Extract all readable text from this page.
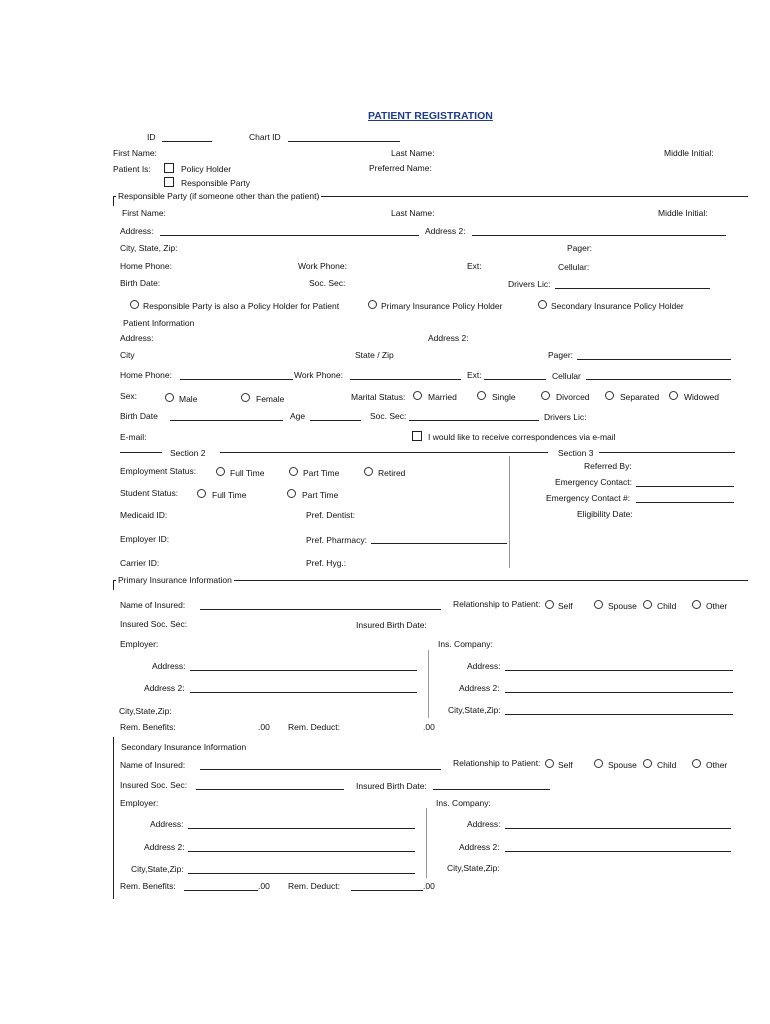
PATIENT REGISTRATION
ID	Chart ID
First Name:	Last Name:	Middle Initial:
Patient Is:	Policy Holder
Responsible Party
Preferred Name:
Responsible Party (if someone other than the patient)
First Name:	Last Name:	Middle Initial:
Address:	Address 2:
City, State, Zip:	Pager:
Home Phone:	Work Phone:	Ext:	Cellular:
Birth Date:	Soc. Sec:	Drivers Lic:
Responsible Party is also a Policy Holder for Patient	Primary Insurance Policy Holder	Secondary Insurance Policy Holder
Patient Information
Address:	Address 2:
City	State / Zip	Pager:
Home Phone:	Work Phone:	Ext:	Cellular
Sex:	Male	Female	Marital Status:	Married	Single	Divorced	Separated	Widowed
Birth Date	Age	Soc. Sec:	Drivers Lic:
E-mail:	I would like to receive correspondences via e-mail
Section 2	Section 3
Employment Status:	Full Time	Part Time	Retired
Student Status:	Full Time	Part Time
Medicaid ID:	Pref. Dentist:
Employer ID:	Pref. Pharmacy:
Carrier ID:	Pref. Hyg.:
Referred By:
Emergency Contact:
Emergency Contact #:
Eligibility Date:
Primary Insurance Information
Name of Insured:	Relationship to Patient: Self	Spouse Child	Other
Insured Soc. Sec:	Insured Birth Date:
Employer:	Ins. Company:
Address:	Address:
Address 2:	Address 2:
City,State,Zip:	City,State,Zip:
Rem. Benefits:	.00 Rem. Deduct:	.00
Secondary Insurance Information
Name of Insured:	Relationship to Patient: Self	Spouse Child	Other
Insured Soc. Sec:	Insured Birth Date:
Employer:	Ins. Company:
Address:	Address:
Address 2:	Address 2:
City,State,Zip:	City,State,Zip:
Rem. Benefits:	.00 Rem. Deduct:	.00
